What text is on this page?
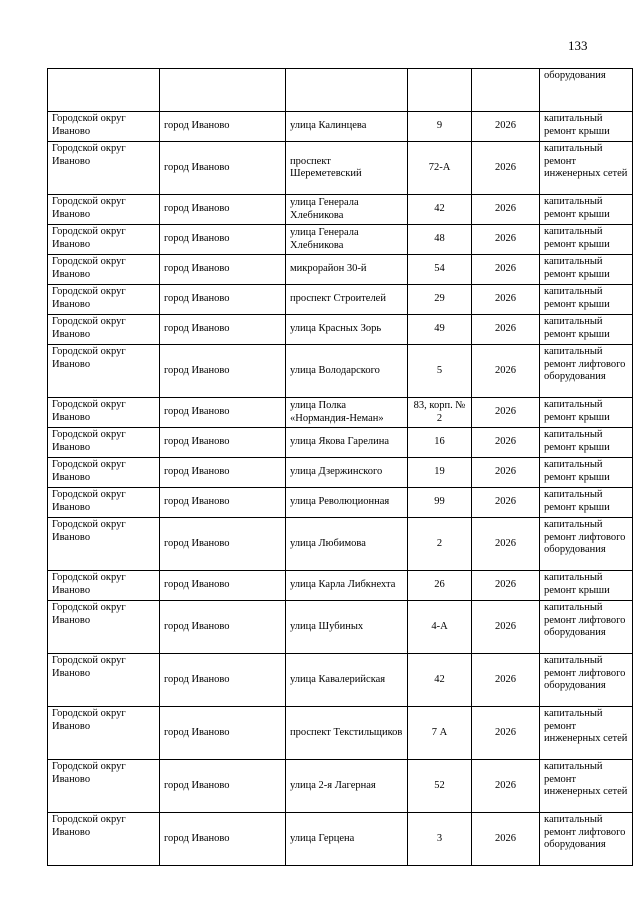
133
					оборудования
Городской округ Иваново	город Иваново	улица Калинцева	9	2026	капитальный ремонт крыши
Городской округ Иваново	город Иваново	проспект Шереметевский	72-А	2026	капитальный ремонт инженерных сетей
Городской округ Иваново	город Иваново	улица Генерала Хлебникова	42	2026	капитальный ремонт крыши
Городской округ Иваново	город Иваново	улица Генерала Хлебникова	48	2026	капитальный ремонт крыши
Городской округ Иваново	город Иваново	микрорайон 30-й	54	2026	капитальный ремонт крыши
Городской округ Иваново	город Иваново	проспект Строителей	29	2026	капитальный ремонт крыши
Городской округ Иваново	город Иваново	улица Красных Зорь	49	2026	капитальный ремонт крыши
Городской округ Иваново	город Иваново	улица Володарского	5	2026	капитальный ремонт лифтового оборудования
Городской округ Иваново	город Иваново	улица Полка «Нормандия-Неман»	83, корп. № 2	2026	капитальный ремонт крыши
Городской округ Иваново	город Иваново	улица Якова Гарелина	16	2026	капитальный ремонт крыши
Городской округ Иваново	город Иваново	улица Дзержинского	19	2026	капитальный ремонт крыши
Городской округ Иваново	город Иваново	улица Революционная	99	2026	капитальный ремонт крыши
Городской округ Иваново	город Иваново	улица Любимова	2	2026	капитальный ремонт лифтового оборудования
Городской округ Иваново	город Иваново	улица Карла Либкнехта	26	2026	капитальный ремонт крыши
Городской округ Иваново	город Иваново	улица Шубиных	4-А	2026	капитальный ремонт лифтового оборудования
Городской округ Иваново	город Иваново	улица Кавалерийская	42	2026	капитальный ремонт лифтового оборудования
Городской округ Иваново	город Иваново	проспект Текстильщиков	7 А	2026	капитальный ремонт инженерных сетей
Городской округ Иваново	город Иваново	улица 2-я Лагерная	52	2026	капитальный ремонт инженерных сетей
Городской округ Иваново	город Иваново	улица Герцена	3	2026	капитальный ремонт лифтового оборудования
